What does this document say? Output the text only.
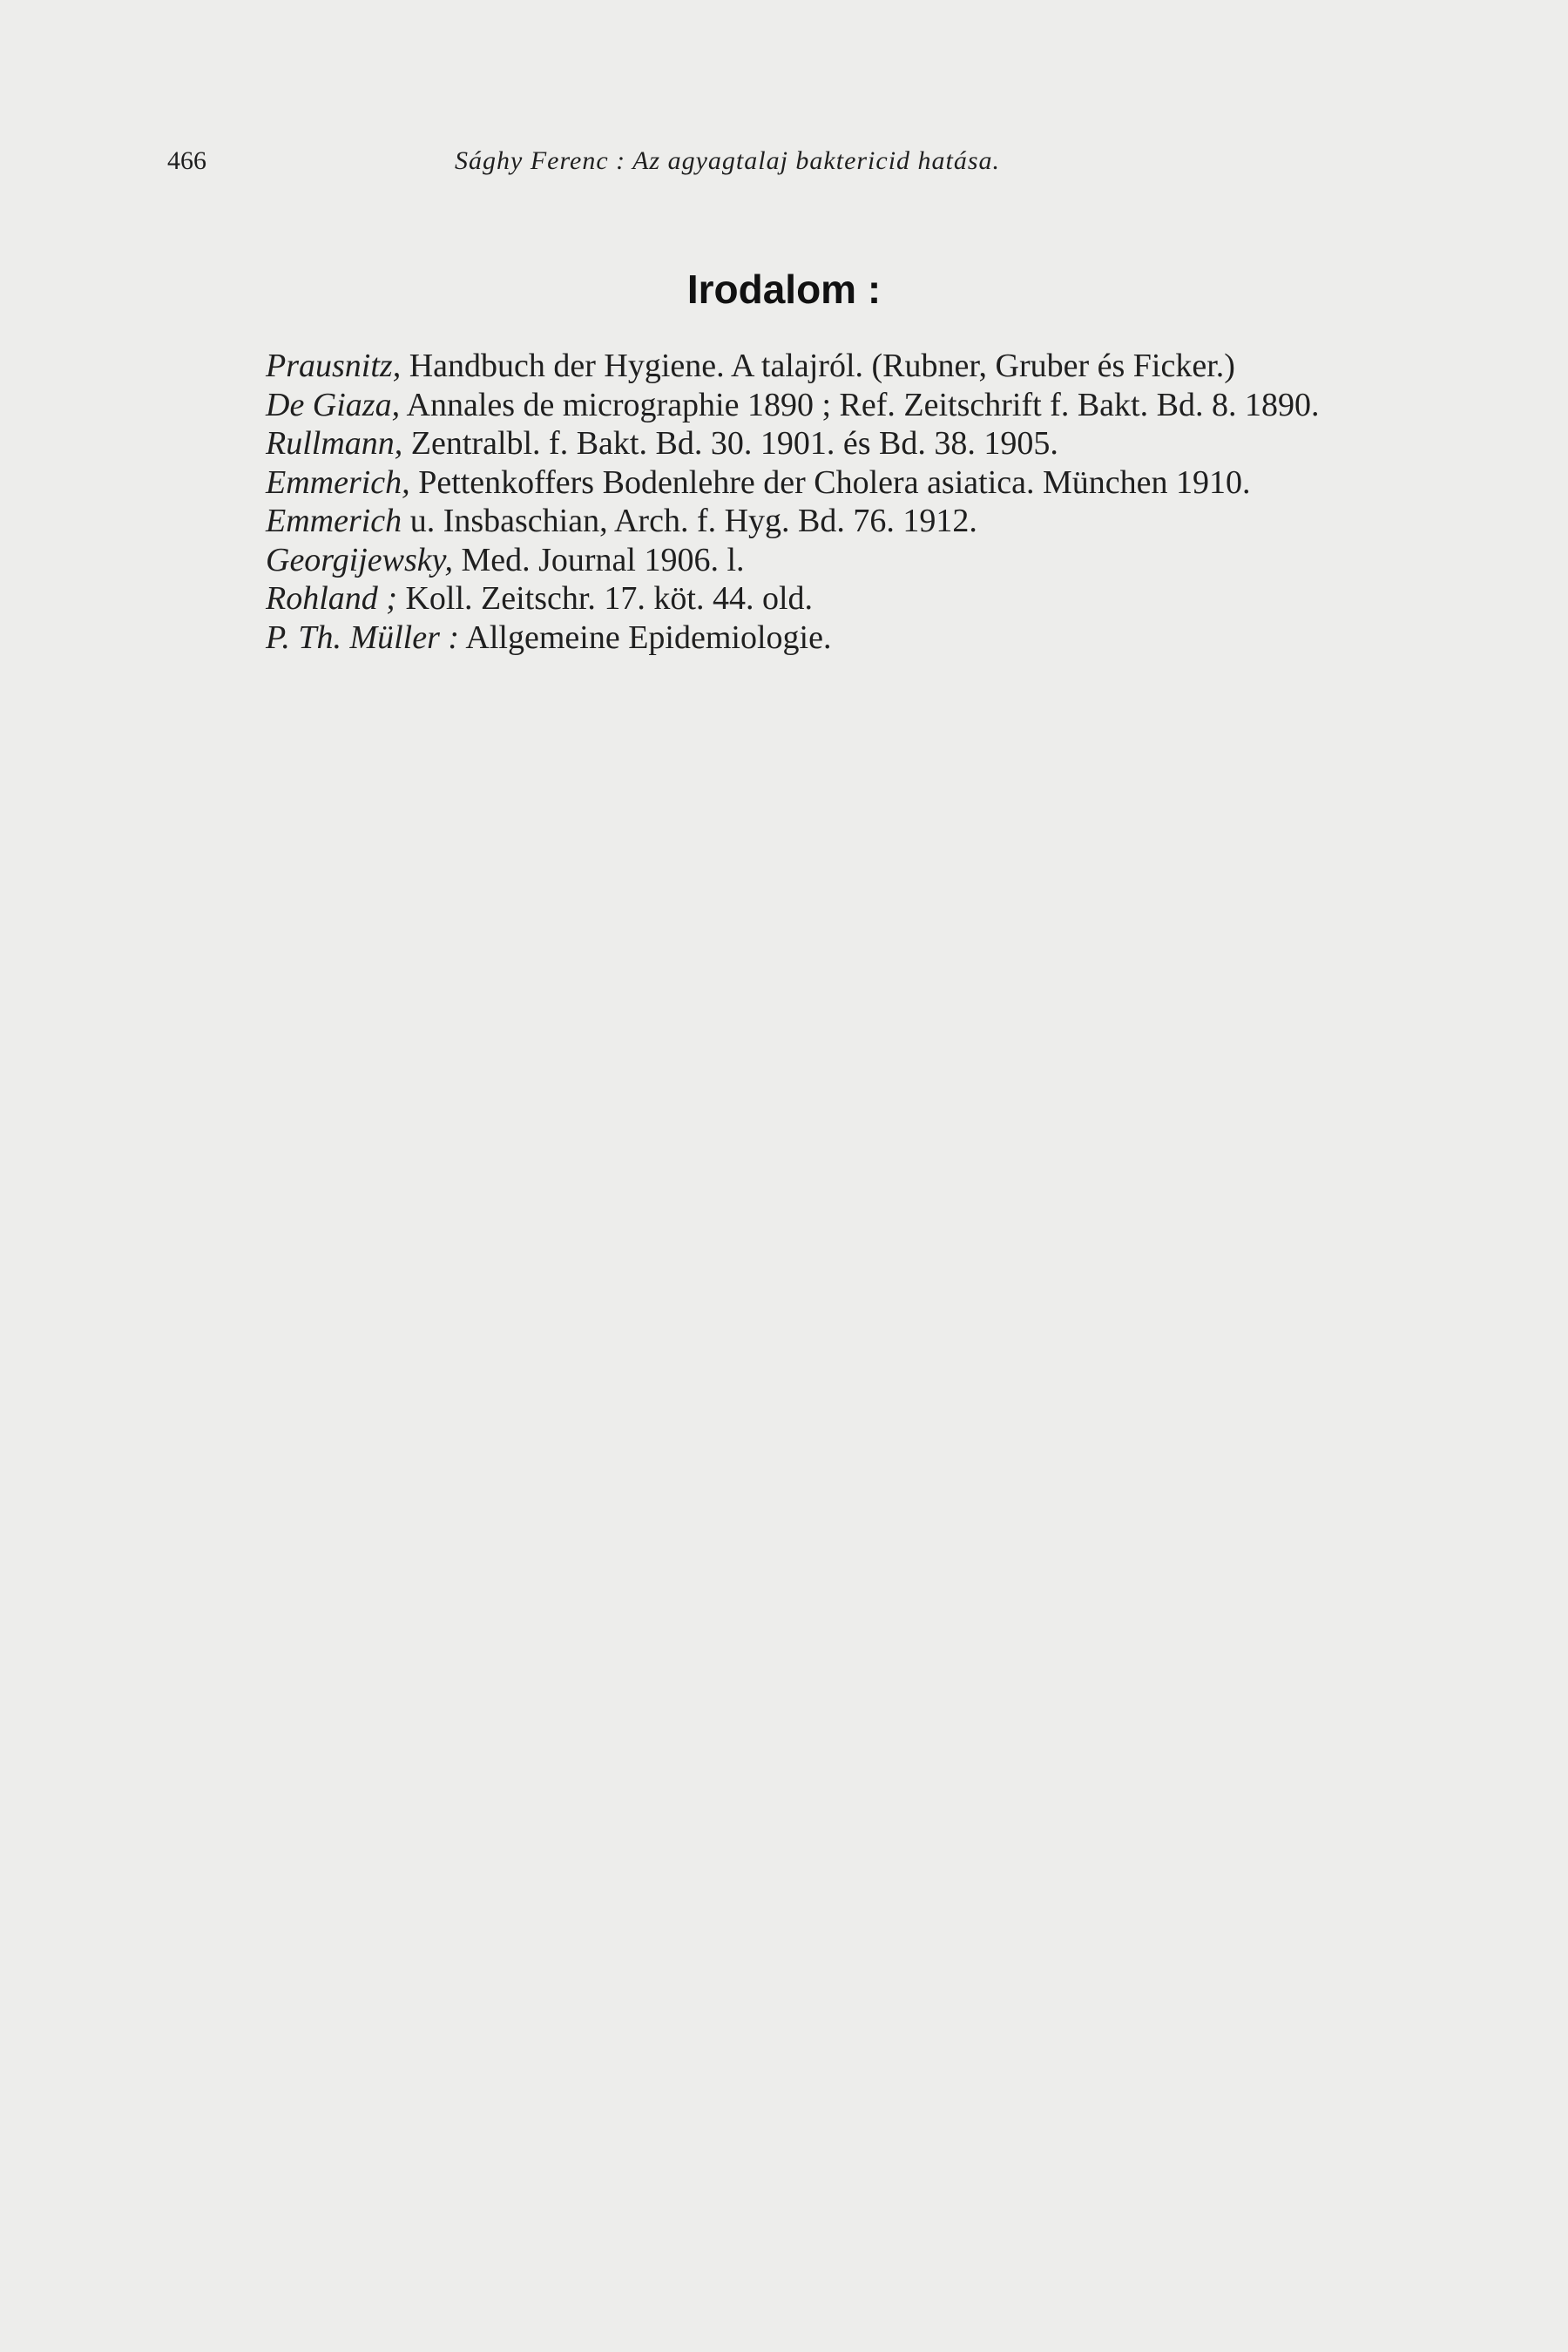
466	Sághy Ferenc : Az agyagtalaj baktericid hatása.
Irodalom :

Prausnitz, Handbuch der Hygiene. A talajról. (Rubner, Gruber és Ficker.)

De Giaza, Annales de micrographie 1890 ; Ref. Zeitschrift f. Bakt. Bd. 8. 1890.

Rullmann, Zentralbl. f. Bakt. Bd. 30. 1901. és Bd. 38. 1905.

Emmerich, Pettenkoffers Bodenlehre der Cholera asiatica. München 1910.

Emmerich u. Insbaschian, Arch. f. Hyg. Bd. 76. 1912.

Georgijewsky, Med. Journal 1906. l.

Rohland ; Koll. Zeitschr. 17. köt. 44. old.

P. Th. Müller : Allgemeine Epidemiologie.
